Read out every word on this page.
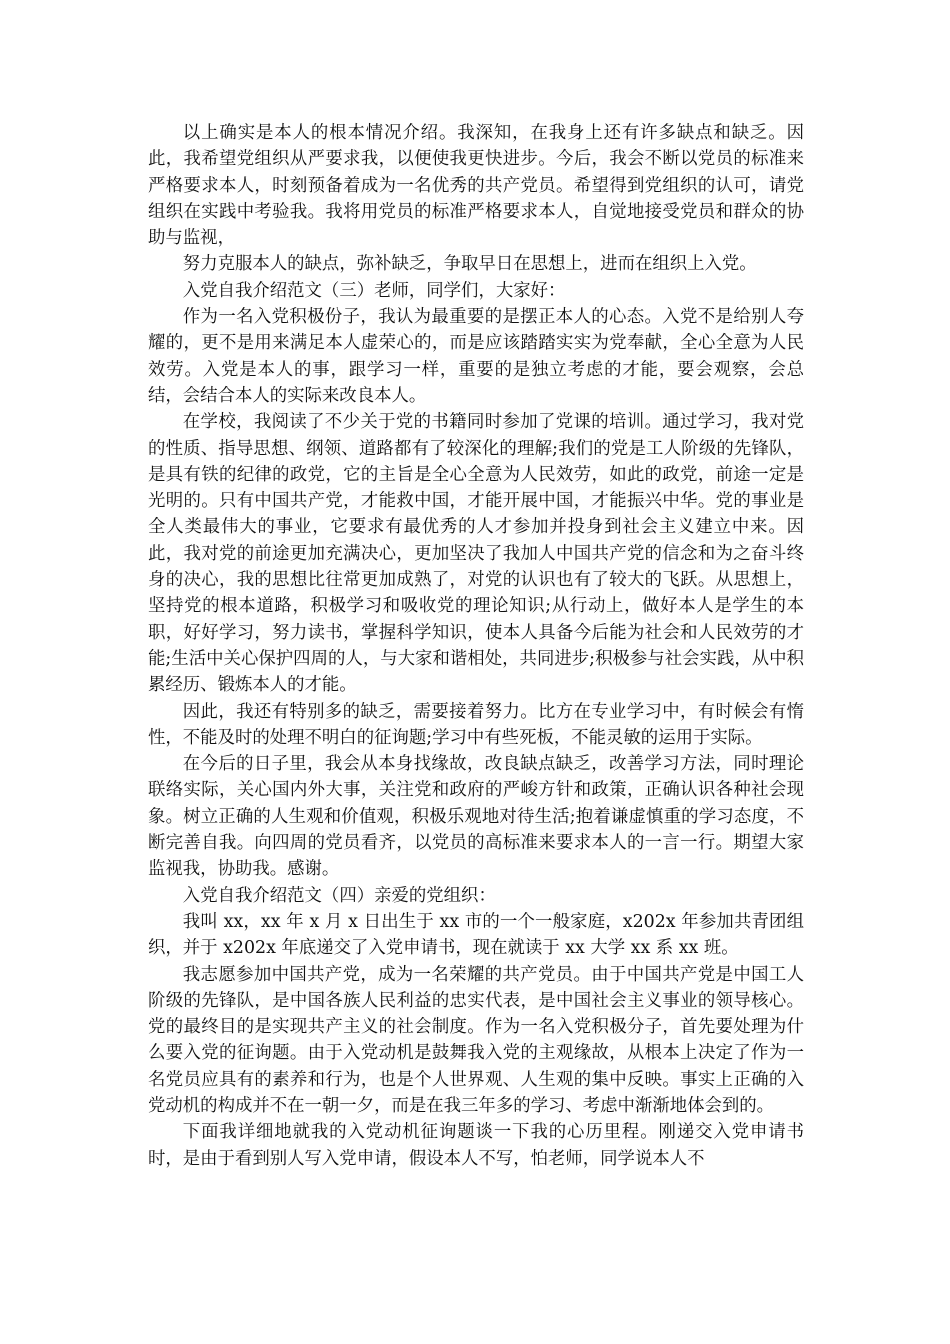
以上确实是本人的根本情况介绍。我深知，在我身上还有许多缺点和缺乏。因此，我希望党组织从严要求我，以便使我更快进步。今后，我会不断以党员的标准来严格要求本人，时刻预备着成为一名优秀的共产党员。希望得到党组织的认可，请党组织在实践中考验我。我将用党员的标准严格要求本人，自觉地接受党员和群众的协助与监视，

努力克服本人的缺点，弥补缺乏，争取早日在思想上，进而在组织上入党。

入党自我介绍范文（三）老师，同学们，大家好：

作为一名入党积极份子，我认为最重要的是摆正本人的心态。入党不是给别人夸耀的，更不是用来满足本人虚荣心的，而是应该踏踏实实为党奉献，全心全意为人民效劳。入党是本人的事，跟学习一样，重要的是独立考虑的才能，要会观察，会总结，会结合本人的实际来改良本人。

在学校，我阅读了不少关于党的书籍同时参加了党课的培训。通过学习，我对党的性质、指导思想、纲领、道路都有了较深化的理解;我们的党是工人阶级的先锋队，是具有铁的纪律的政党，它的主旨是全心全意为人民效劳，如此的政党，前途一定是光明的。只有中国共产党，才能救中国，才能开展中国，才能振兴中华。党的事业是全人类最伟大的事业，它要求有最优秀的人才参加并投身到社会主义建立中来。因此，我对党的前途更加充满决心，更加坚决了我加人中国共产党的信念和为之奋斗终身的决心，我的思想比往常更加成熟了，对党的认识也有了较大的飞跃。从思想上，坚持党的根本道路，积极学习和吸收党的理论知识;从行动上，做好本人是学生的本职，好好学习，努力读书，掌握科学知识，使本人具备今后能为社会和人民效劳的才能;生活中关心保护四周的人，与大家和谐相处，共同进步;积极参与社会实践，从中积累经历、锻炼本人的才能。

因此，我还有特别多的缺乏，需要接着努力。比方在专业学习中，有时候会有惰性，不能及时的处理不明白的征询题;学习中有些死板，不能灵敏的运用于实际。

在今后的日子里，我会从本身找缘故，改良缺点缺乏，改善学习方法，同时理论联络实际，关心国内外大事，关注党和政府的严峻方针和政策，正确认识各种社会现象。树立正确的人生观和价值观，积极乐观地对待生活;抱着谦虚慎重的学习态度，不断完善自我。向四周的党员看齐，以党员的高标准来要求本人的一言一行。期望大家监视我，协助我。感谢。

入党自我介绍范文（四）亲爱的党组织：

我叫 xx，xx 年 x 月 x 日出生于 xx 市的一个一般家庭，x202x 年参加共青团组织，并于 x202x 年底递交了入党申请书，现在就读于 xx 大学 xx 系 xx 班。

我志愿参加中国共产党，成为一名荣耀的共产党员。由于中国共产党是中国工人阶级的先锋队，是中国各族人民利益的忠实代表，是中国社会主义事业的领导核心。党的最终目的是实现共产主义的社会制度。作为一名入党积极分子，首先要处理为什么要入党的征询题。由于入党动机是鼓舞我入党的主观缘故，从根本上决定了作为一名党员应具有的素养和行为，也是个人世界观、人生观的集中反映。事实上正确的入党动机的构成并不在一朝一夕，而是在我三年多的学习、考虑中渐渐地体会到的。

下面我详细地就我的入党动机征询题谈一下我的心历里程。刚递交入党申请书时，是由于看到别人写入党申请，假设本人不写，怕老师，同学说本人不
